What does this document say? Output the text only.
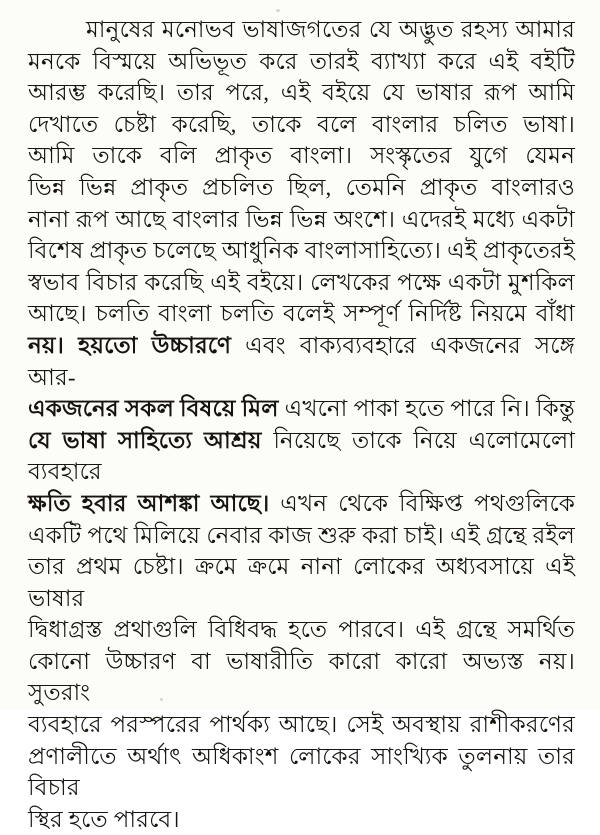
মানুষের মনোভব ভাষাজগতের যে অদ্ভুত রহস্য আমার
মনকে বিস্ময়ে অভিভূত করে তারই ব্যাখ্যা করে এই বইটি
আরম্ভ করেছি। তার পরে, এই বইয়ে যে ভাষার রূপ আমি
দেখাতে চেষ্টা করেছি, তাকে বলে বাংলার চলিত ভাষা।
আমি তাকে বলি প্রাকৃত বাংলা। সংস্কৃতের যুগে যেমন
ভিন্ন ভিন্ন প্রাকৃত প্রচলিত ছিল, তেমনি প্রাকৃত বাংলারও
নানা রূপ আছে বাংলার ভিন্ন ভিন্ন অংশে। এদেরই মধ্যে একটা
বিশেষ প্রাকৃত চলেছে আধুনিক বাংলাসাহিত্যে। এই প্রাকৃতেরই
স্বভাব বিচার করেছি এই বইয়ে। লেখকের পক্ষে একটা মুশকিল
আছে। চলতি বাংলা চলতি বলেই সম্পূর্ণ নির্দিষ্ট নিয়মে বাঁধা
নয়। হয়তো উচ্চারণে এবং বাক্যব্যবহারে একজনের সঙ্গে আর-
একজনের সকল বিষয়ে মিল এখনো পাকা হতে পারে নি। কিন্তু
যে ভাষা সাহিত্যে আশ্রয় নিয়েছে তাকে নিয়ে এলোমেলো ব্যবহারে
ক্ষতি হবার আশঙ্কা আছে। এখন থেকে বিক্ষিপ্ত পথগুলিকে
একটি পথে মিলিয়ে নেবার কাজ শুরু করা চাই। এই গ্রন্থে রইল
তার প্রথম চেষ্টা। ক্রমে ক্রমে নানা লোকের অধ্যবসায়ে এই ভাষার
দ্বিধাগ্রস্ত প্রথাগুলি বিধিবদ্ধ হতে পারবে। এই গ্রন্থে সমর্থিত
কোনো উচ্চারণ বা ভাষারীতি কারো কারো অভ্যস্ত নয়। সুতরাং
ব্যবহারে পরস্পরের পার্থক্য আছে। সেই অবস্থায় রাশীকরণের
প্রণালীতে অর্থাৎ অধিকাংশ লোকের সাংখ্যিক তুলনায় তার বিচার
স্থির হতে পারবে।
